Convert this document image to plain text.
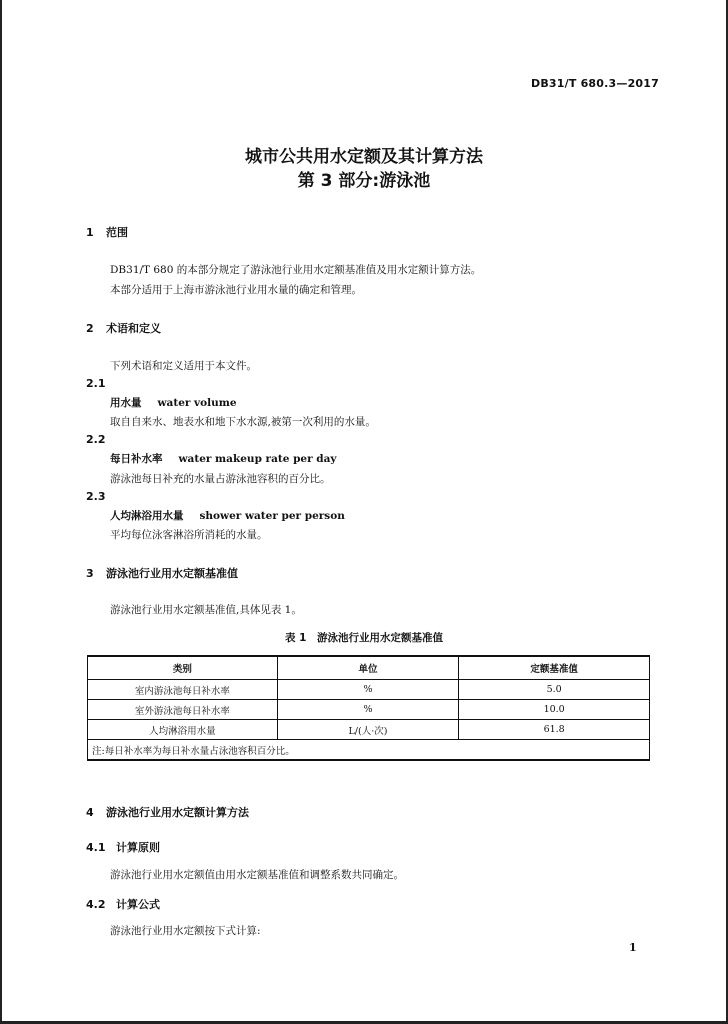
DB31/T 680.3—2017
城市公共用水定额及其计算方法
第 3 部分:游泳池
1 范围
DB31/T 680 的本部分规定了游泳池行业用水定额基准值及用水定额计算方法。
本部分适用于上海市游泳池行业用水量的确定和管理。
2 术语和定义
下列术语和定义适用于本文件。
2.1
用水量 water volume
取自自来水、地表水和地下水水源,被第一次利用的水量。
2.2
每日补水率 water makeup rate per day
游泳池每日补充的水量占游泳池容积的百分比。
2.3
人均淋浴用水量 shower water per person
平均每位泳客淋浴所消耗的水量。
3 游泳池行业用水定额基准值
游泳池行业用水定额基准值,具体见表 1。
表 1　游泳池行业用水定额基准值
类别	单位	定额基准值
室内游泳池每日补水率	%	5.0
室外游泳池每日补水率	%	10.0
人均淋浴用水量	L/(人·次)	61.8
注:每日补水率为每日补水量占泳池容积百分比。		
4 游泳池行业用水定额计算方法
4.1 计算原则
游泳池行业用水定额值由用水定额基准值和调整系数共同确定。
4.2 计算公式
游泳池行业用水定额按下式计算:
1
